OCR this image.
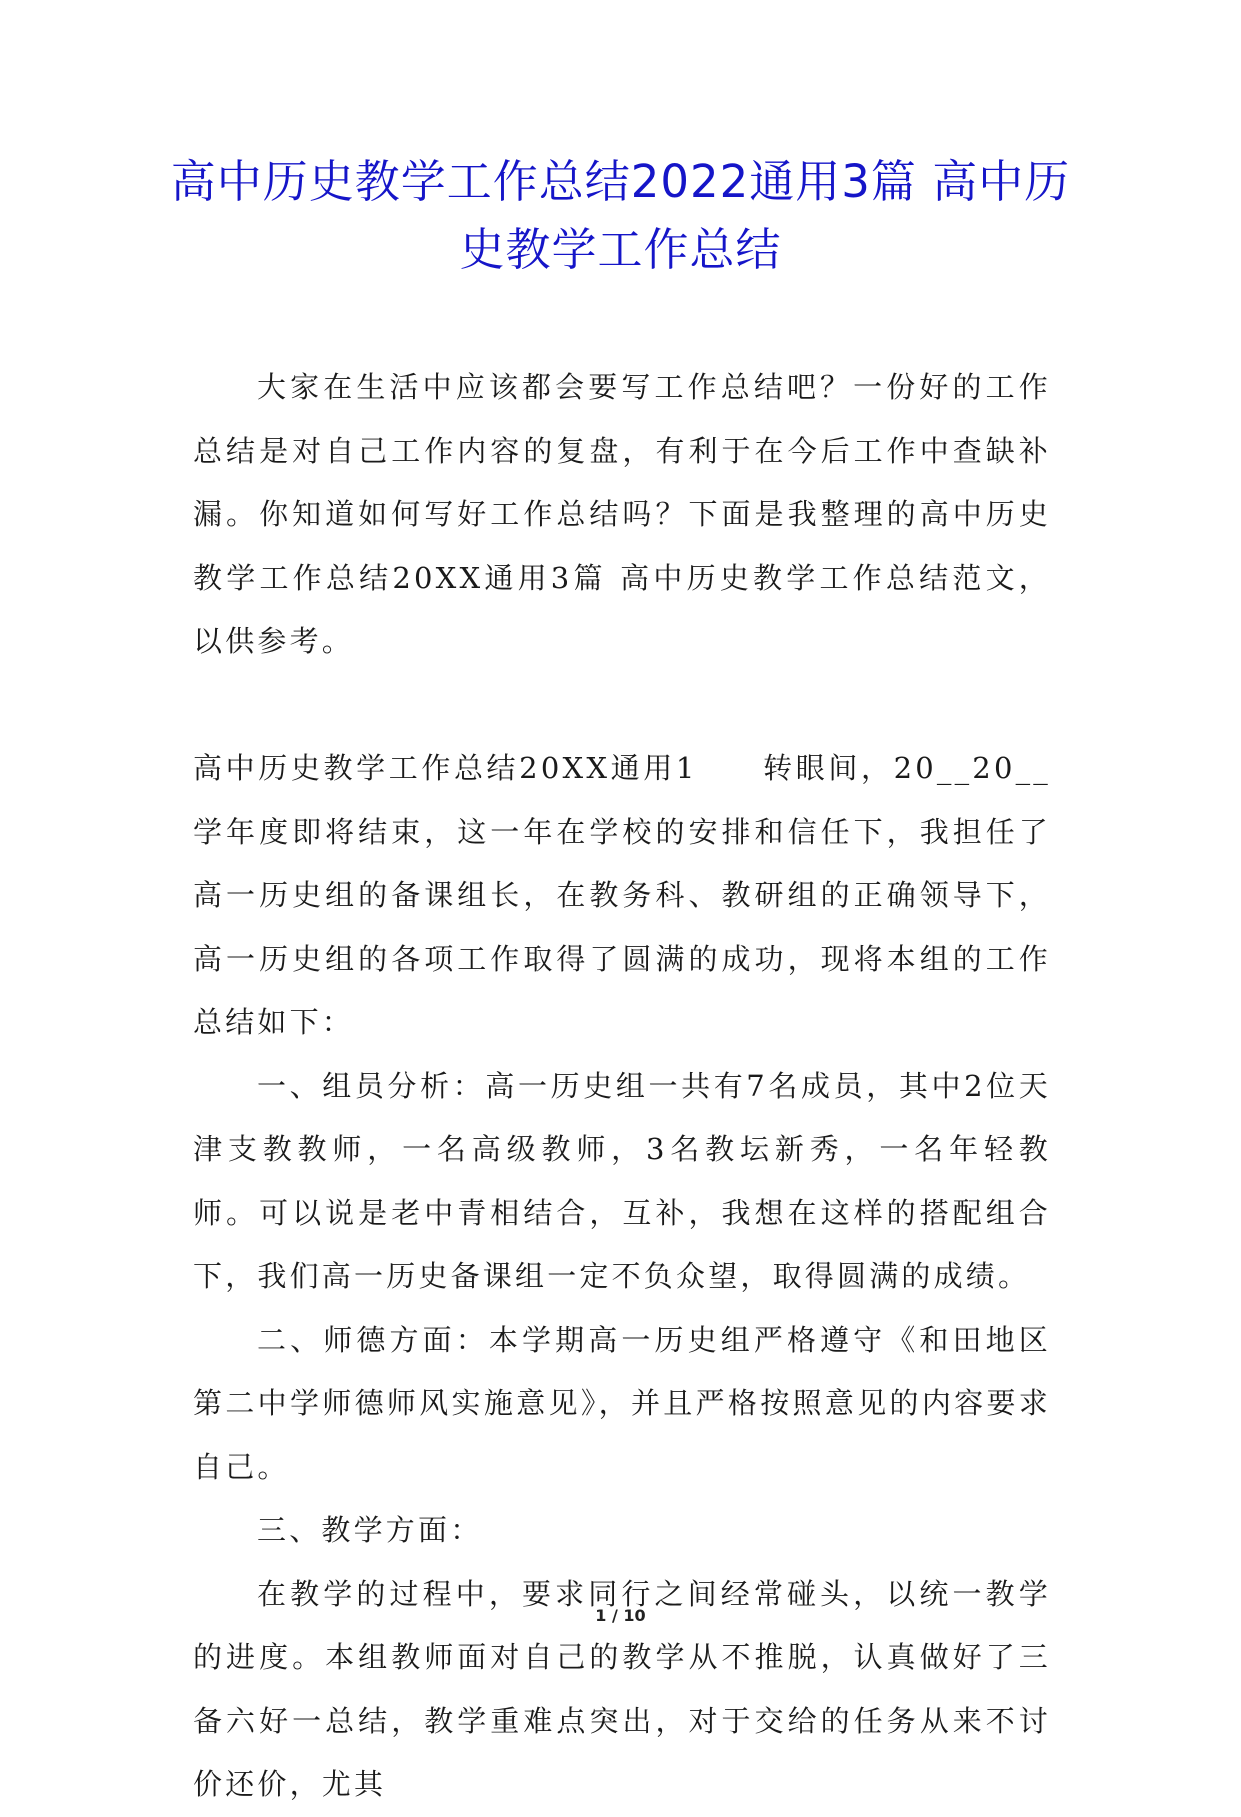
高中历史教学工作总结2022通用3篇 高中历史教学工作总结

大家在生活中应该都会要写工作总结吧？一份好的工作总结是对自己工作内容的复盘，有利于在今后工作中查缺补漏。你知道如何写好工作总结吗？下面是我整理的高中历史教学工作总结20XX通用3篇 高中历史教学工作总结范文，以供参考。

高中历史教学工作总结20XX通用1　　转眼间，20__20__学年度即将结束，这一年在学校的安排和信任下，我担任了高一历史组的备课组长，在教务科、教研组的正确领导下，高一历史组的各项工作取得了圆满的成功，现将本组的工作总结如下：

一、组员分析：高一历史组一共有7名成员，其中2位天津支教教师，一名高级教师，3名教坛新秀，一名年轻教师。可以说是老中青相结合，互补，我想在这样的搭配组合下，我们高一历史备课组一定不负众望，取得圆满的成绩。

二、师德方面：本学期高一历史组严格遵守《和田地区第二中学师德师风实施意见》，并且严格按照意见的内容要求自己。

三、教学方面：

在教学的过程中，要求同行之间经常碰头，以统一教学的进度。本组教师面对自己的教学从不推脱，认真做好了三备六好一总结，教学重难点突出，对于交给的任务从来不讨价还价，尤其

1 / 10
